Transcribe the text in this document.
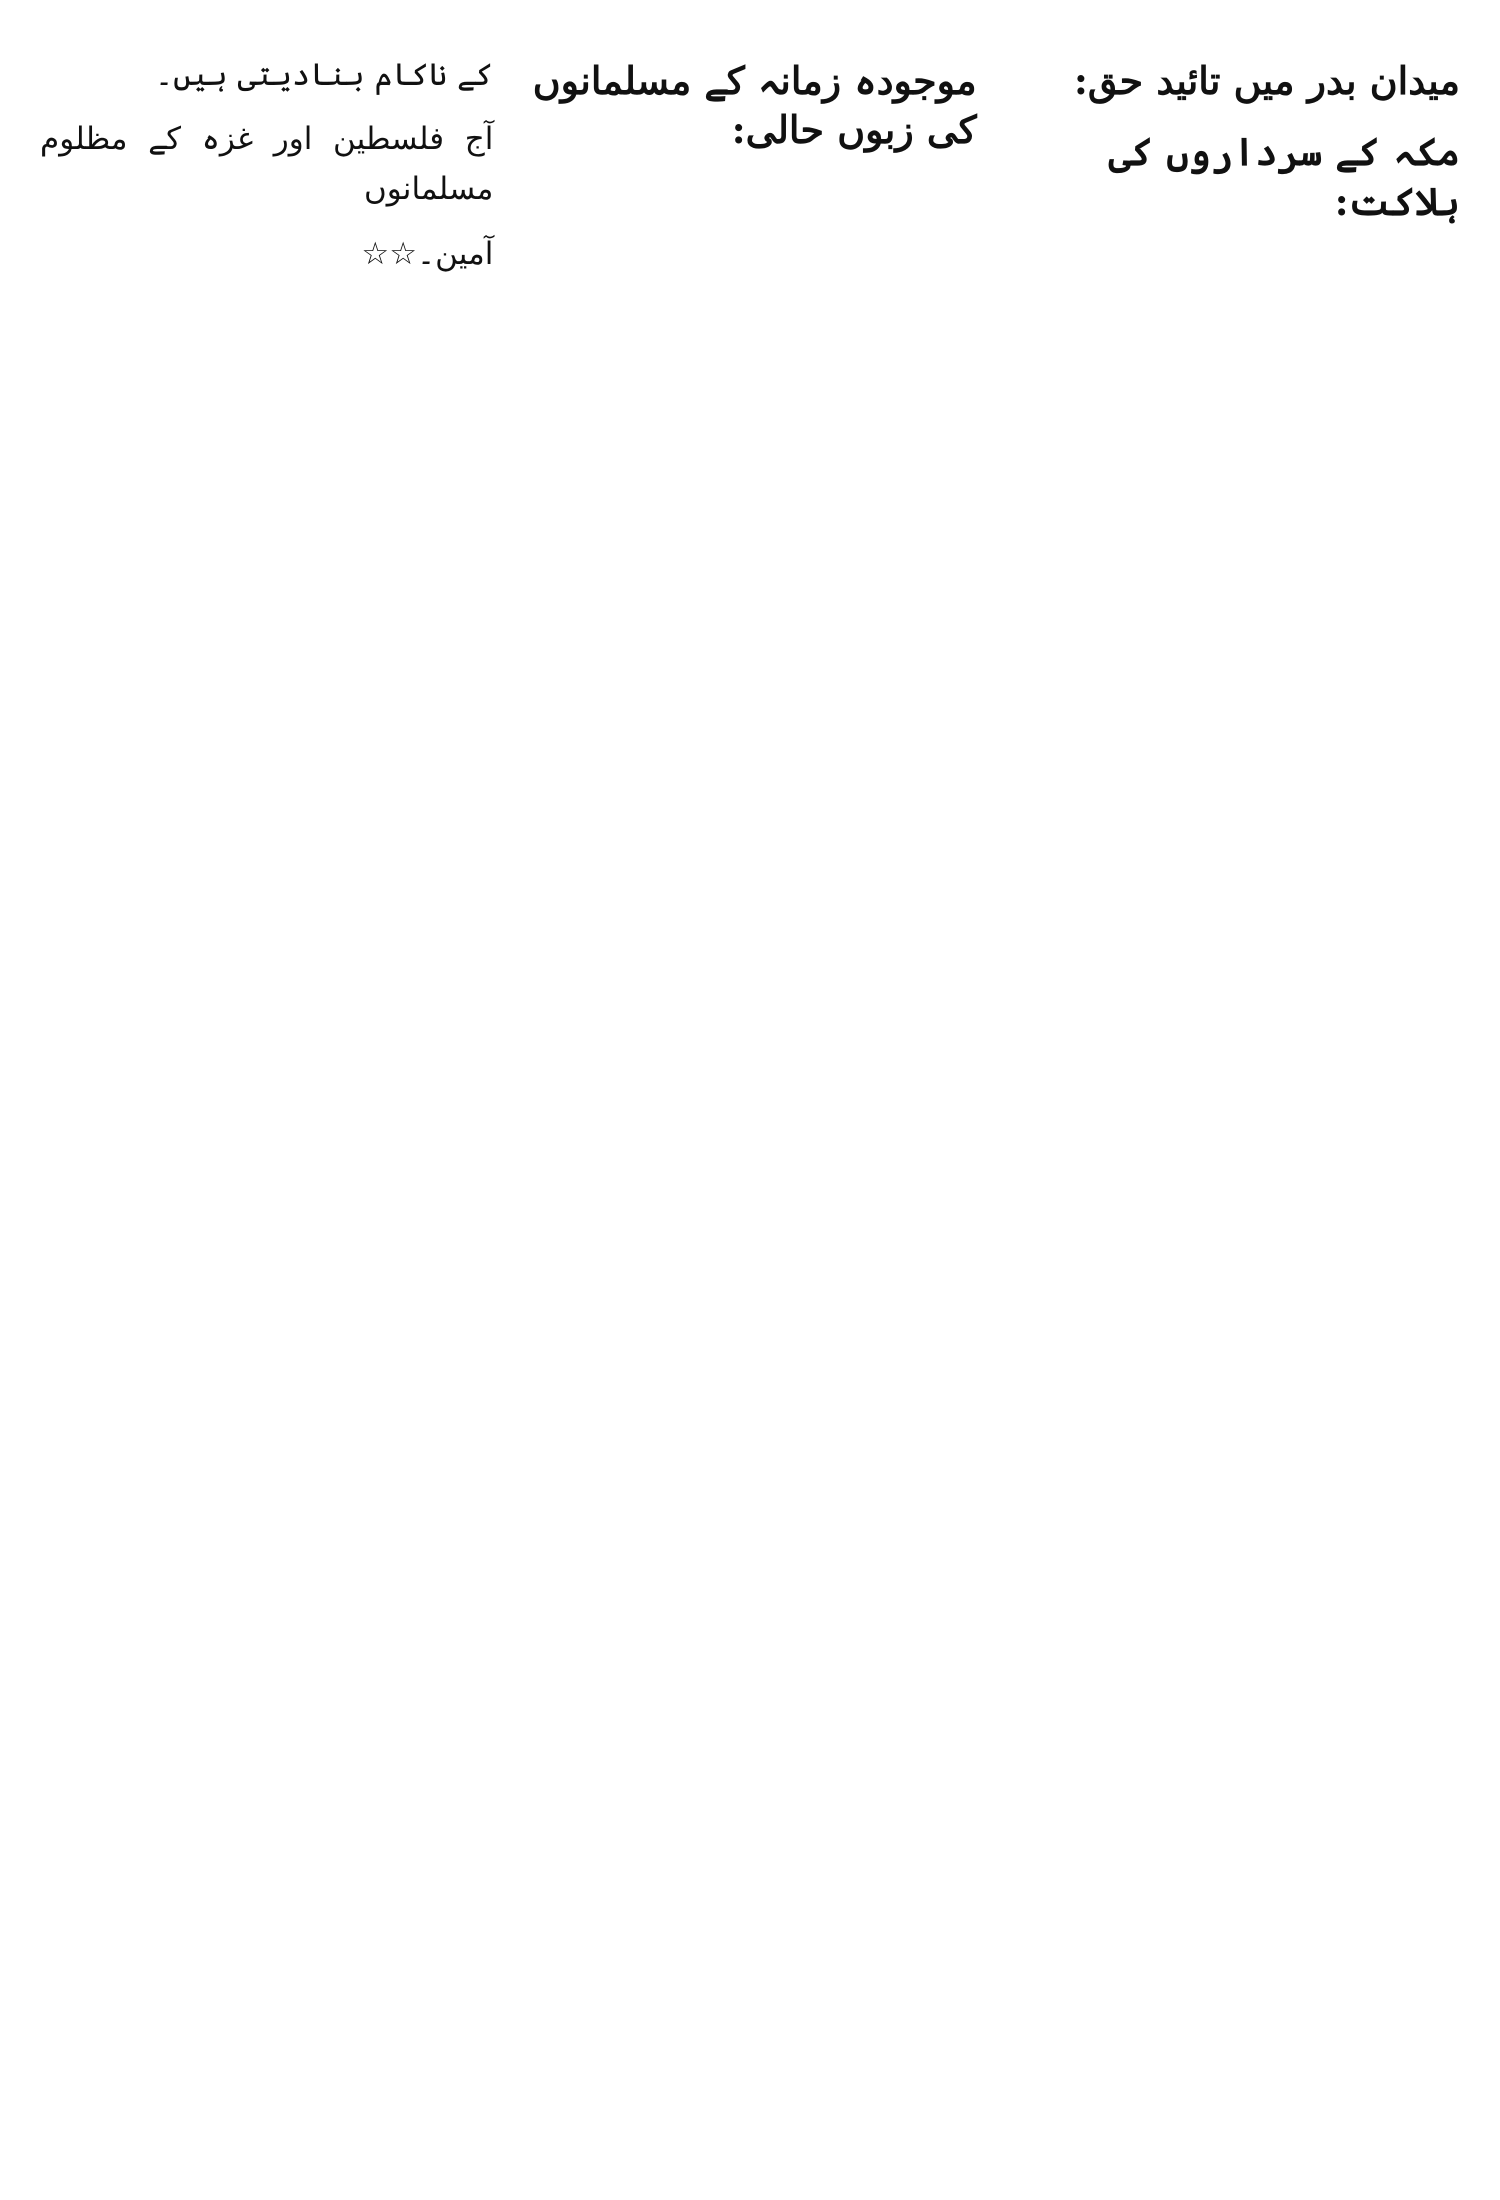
میدان بدر میں تائید حق:
مکہ کے سرداروں کی ہلاکت:
موجودہ زمانہ کے مسلمانوں کی زبوں حالی:

کے ناکام بنادیتی ہیں۔

آج فلسطین اور غزہ کے مظلوم مسلمانوں

آمین۔☆☆
